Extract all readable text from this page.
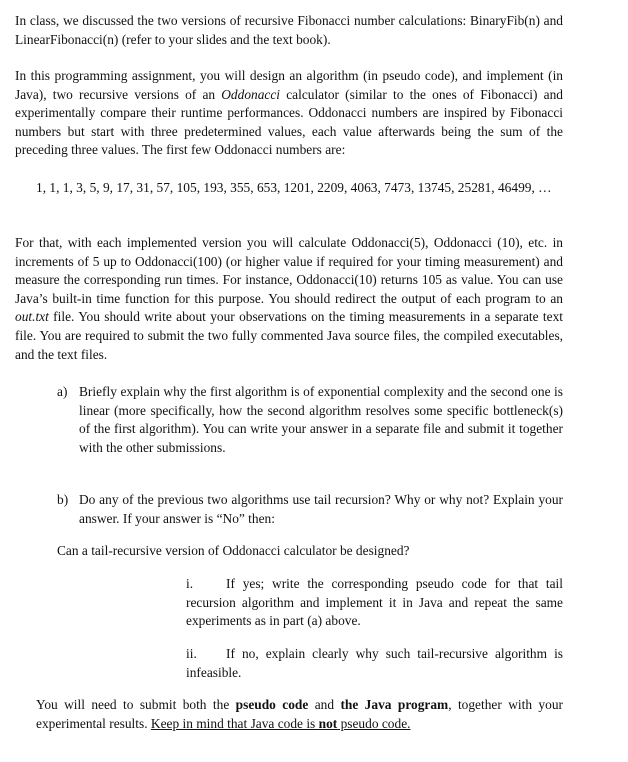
In class, we discussed the two versions of recursive Fibonacci number calculations: BinaryFib(n) and LinearFibonacci(n) (refer to your slides and the text book).

In this programming assignment, you will design an algorithm (in pseudo code), and implement (in Java), two recursive versions of an Oddonacci calculator (similar to the ones of Fibonacci) and experimentally compare their runtime performances. Oddonacci numbers are inspired by Fibonacci numbers but start with three predetermined values, each value afterwards being the sum of the preceding three values. The first few Oddonacci numbers are:

1, 1, 1, 3, 5, 9, 17, 31, 57, 105, 193, 355, 653, 1201, 2209, 4063, 7473, 13745, 25281, 46499, …

For that, with each implemented version you will calculate Oddonacci(5), Oddonacci (10), etc. in increments of 5 up to Oddonacci(100) (or higher value if required for your timing measurement) and measure the corresponding run times. For instance, Oddonacci(10) returns 105 as value. You can use Java’s built-in time function for this purpose. You should redirect the output of each program to an out.txt file. You should write about your observations on the timing measurements in a separate text file. You are required to submit the two fully commented Java source files, the compiled executables, and the text files.

a) Briefly explain why the first algorithm is of exponential complexity and the second one is linear (more specifically, how the second algorithm resolves some specific bottleneck(s) of the first algorithm). You can write your answer in a separate file and submit it together with the other submissions.

b) Do any of the previous two algorithms use tail recursion? Why or why not? Explain your answer. If your answer is “No” then:

Can a tail-recursive version of Oddonacci calculator be designed?

i.	If yes; write the corresponding pseudo code for that tail recursion algorithm and implement it in Java and repeat the same experiments as in part (a) above.

ii.	If no, explain clearly why such tail-recursive algorithm is infeasible.

You will need to submit both the pseudo code and the Java program, together with your experimental results. Keep in mind that Java code is not pseudo code.
